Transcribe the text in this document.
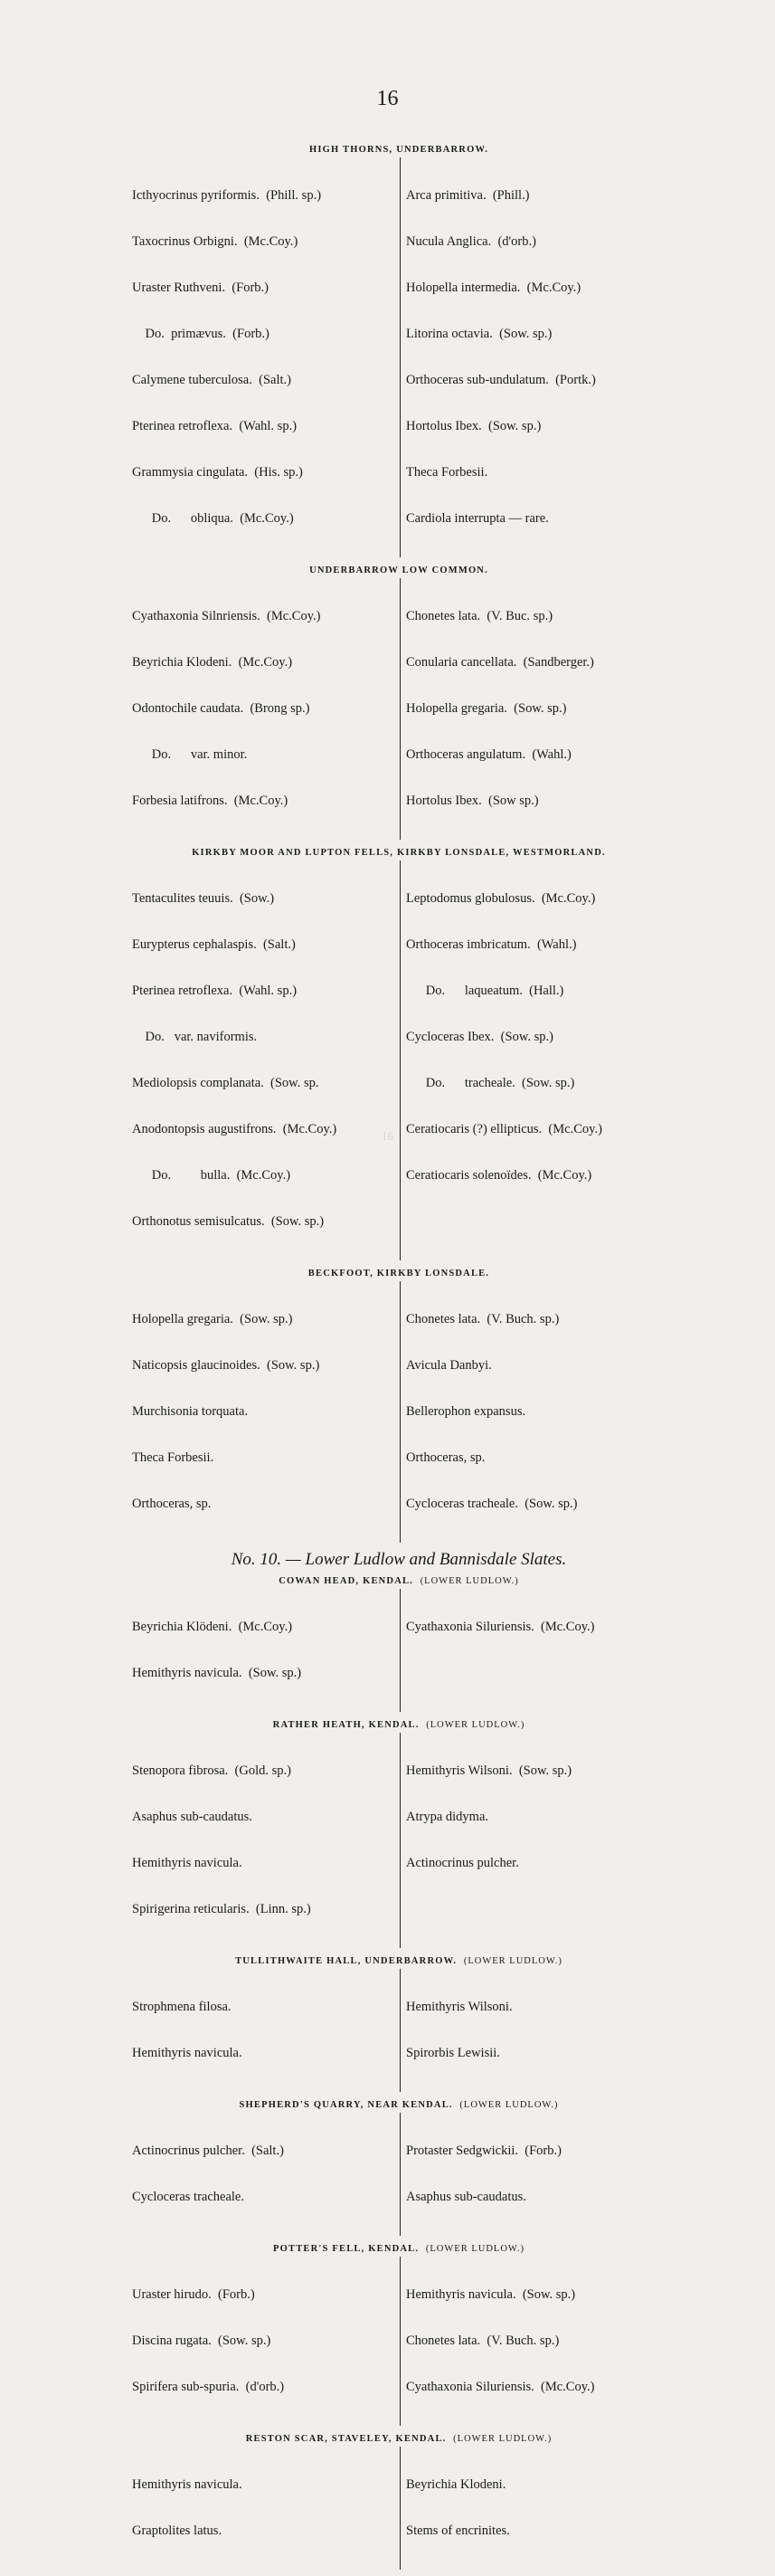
16

HIGH THORNS, UNDERBARROW.

Icthyocrinus pyriformis.  (Phill. sp.)

Taxocrinus Orbigni.  (Mc.Coy.)

Uraster Ruthveni.  (Forb.)

Do.  primævus.  (Forb.)

Calymene tuberculosa.  (Salt.)

Pterinea retroflexa.  (Wahl. sp.)

Grammysia cingulata.  (His. sp.)

Do.      obliqua.  (Mc.Coy.)

Arca primitiva.  (Phill.)

Nucula Anglica.  (d'orb.)

Holopella intermedia.  (Mc.Coy.)

Litorina octavia.  (Sow. sp.)

Orthoceras sub-undulatum.  (Portk.)

Hortolus Ibex.  (Sow. sp.)

Theca Forbesii.

Cardiola interrupta — rare.

UNDERBARROW LOW COMMON.

Cyathaxonia Silnriensis.  (Mc.Coy.)

Beyrichia Klodeni.  (Mc.Coy.)

Odontochile caudata.  (Brong sp.)

Do.      var. minor.

Forbesia latifrons.  (Mc.Coy.)

Chonetes lata.  (V. Buc. sp.)

Conularia cancellata.  (Sandberger.)

Holopella gregaria.  (Sow. sp.)

Orthoceras angulatum.  (Wahl.)

Hortolus Ibex.  (Sow sp.)

KIRKBY MOOR AND LUPTON FELLS, KIRKBY LONSDALE, WESTMORLAND.

Tentaculites teuuis.  (Sow.)

Eurypterus cephalaspis.  (Salt.)

Pterinea retroflexa.  (Wahl. sp.)

Do.   var. naviformis.

Mediolopsis complanata.  (Sow. sp.

Anodontopsis augustifrons.  (Mc.Coy.)

Do.         bulla.  (Mc.Coy.)

Orthonotus semisulcatus.  (Sow. sp.)

Leptodomus globulosus.  (Mc.Coy.)

Orthoceras imbricatum.  (Wahl.)

Do.      laqueatum.  (Hall.)

Cycloceras Ibex.  (Sow. sp.)

Do.      tracheale.  (Sow. sp.)

Ceratiocaris (?) ellipticus.  (Mc.Coy.)

Ceratiocaris solenoïdes.  (Mc.Coy.)

BECKFOOT, KIRKBY LONSDALE.

Holopella gregaria.  (Sow. sp.)

Naticopsis glaucinoides.  (Sow. sp.)

Murchisonia torquata.

Theca Forbesii.

Orthoceras, sp.

Chonetes lata.  (V. Buch. sp.)

Avicula Danbyi.

Bellerophon expansus.

Orthoceras, sp.

Cycloceras tracheale.  (Sow. sp.)

No. 10. — Lower Ludlow and Bannisdale Slates.

COWAN HEAD, KENDAL. (LOWER LUDLOW.)

Beyrichia Klödeni.  (Mc.Coy.)

Hemithyris navicula.  (Sow. sp.)

Cyathaxonia Siluriensis.  (Mc.Coy.)

RATHER HEATH, KENDAL. (LOWER LUDLOW.)

Stenopora fibrosa.  (Gold. sp.)

Asaphus sub-caudatus.

Hemithyris navicula.

Spirigerina reticularis.  (Linn. sp.)

Hemithyris Wilsoni.  (Sow. sp.)

Atrypa didyma.

Actinocrinus pulcher.

TULLITHWAITE HALL, UNDERBARROW. (LOWER LUDLOW.)

Strophmena filosa.

Hemithyris navicula.

Hemithyris Wilsoni.

Spirorbis Lewisii.

SHEPHERD'S QUARRY, NEAR KENDAL. (LOWER LUDLOW.)

Actinocrinus pulcher.  (Salt.)

Cycloceras tracheale.

Protaster Sedgwickii.  (Forb.)

Asaphus sub-caudatus.

POTTER'S FELL, KENDAL. (LOWER LUDLOW.)

Uraster hirudo.  (Forb.)

Discina rugata.  (Sow. sp.)

Spirifera sub-spuria.  (d'orb.)

Hemithyris navicula.  (Sow. sp.)

Chonetes lata.  (V. Buch. sp.)

Cyathaxonia Siluriensis.  (Mc.Coy.)

RESTON SCAR, STAVELEY, KENDAL. (LOWER LUDLOW.)

Hemithyris navicula.

Graptolites latus.

Beyrichia Klodeni.

Stems of encrinites.

16
